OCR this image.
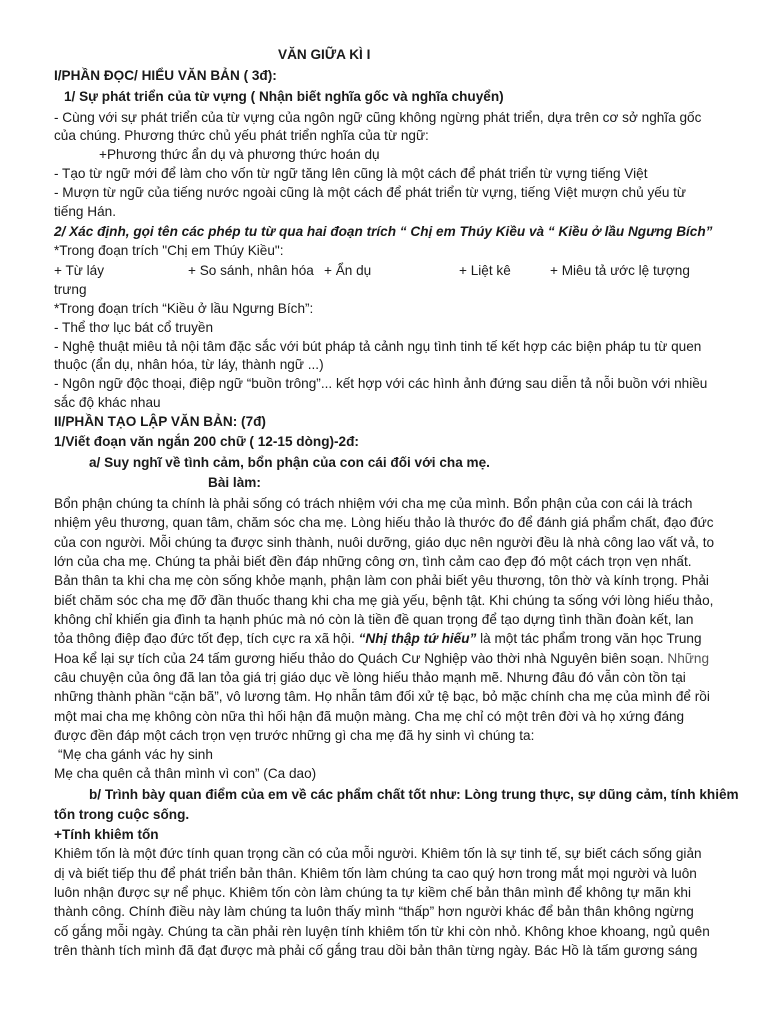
VĂN GIỮA KÌ I
I/PHẦN ĐỌC/ HIỂU VĂN BẢN ( 3đ):
1/ Sự phát triển của từ vựng ( Nhận biết nghĩa gốc và nghĩa chuyển)
- Cùng với sự phát triển của từ vựng của ngôn ngữ cũng không ngừng phát triển, dựa trên cơ sở nghĩa gốc
của chúng. Phương thức chủ yếu phát triển nghĩa của từ ngữ:
+Phương thức ẩn dụ và phương thức hoán dụ
- Tạo từ ngữ mới để làm cho vốn từ ngữ tăng lên cũng là một cách để phát triển từ vựng tiếng Việt
- Mượn từ ngữ của tiếng nước ngoài cũng là một cách để phát triển từ vựng, tiếng Việt mượn chủ yếu từ
tiếng Hán.
2/ Xác định, gọi tên các phép tu từ qua hai đoạn trích “ Chị em Thúy Kiều và “ Kiều ở lầu Ngưng Bích”
*Trong đoạn trích "Chị em Thúy Kiều":
+ Từ láy	+ So sánh, nhân hóa + Ẩn dụ	+ Liệt kê	+ Miêu tả ước lệ tượng
trưng
*Trong đoạn trích “Kiều ở lầu Ngưng Bích”:
- Thể thơ lục bát cổ truyền
- Nghệ thuật miêu tả nội tâm đặc sắc với bút pháp tả cảnh ngụ tình tinh tế kết hợp các biện pháp tu từ quen
thuộc (ẩn dụ, nhân hóa, từ láy, thành ngữ ...)
- Ngôn ngữ độc thoại, điệp ngữ “buồn trông”... kết hợp với các hình ảnh đứng sau diễn tả nỗi buồn với nhiều
sắc độ khác nhau
II/PHẦN TẠO LẬP VĂN BẢN: (7đ)
1/Viết đoạn văn ngắn 200 chữ ( 12-15 dòng)-2đ:
a/ Suy nghĩ về tình cảm, bổn phận của con cái đối với cha mẹ.
Bài làm:
Bổn phận chúng ta chính là phải sống có trách nhiệm với cha mẹ của mình. Bổn phận của con cái là trách
nhiệm yêu thương, quan tâm, chăm sóc cha mẹ. Lòng hiếu thảo là thước đo để đánh giá phẩm chất, đạo đức
của con người. Mỗi chúng ta được sinh thành, nuôi dưỡng, giáo dục nên người đều là nhà công lao vất vả, to
lớn của cha mẹ. Chúng ta phải biết đền đáp những công ơn, tình cảm cao đẹp đó một cách trọn vẹn nhất.
Bản thân ta khi cha mẹ còn sống khỏe mạnh, phận làm con phải biết yêu thương, tôn thờ và kính trọng. Phải
biết chăm sóc cha mẹ đỡ đần thuốc thang khi cha mẹ già yếu, bệnh tật. Khi chúng ta sống với lòng hiếu thảo,
không chỉ khiến gia đình ta hạnh phúc mà nó còn là tiền đề quan trọng để tạo dựng tình thần đoàn kết, lan
tỏa thông điệp đạo đức tốt đẹp, tích cực ra xã hội. “Nhị thập tứ hiếu” là một tác phẩm trong văn học Trung
Hoa kể lại sự tích của 24 tấm gương hiếu thảo do Quách Cư Nghiệp vào thời nhà Nguyên biên soạn. Những
câu chuyện của ông đã lan tỏa giá trị giáo dục về lòng hiếu thảo mạnh mẽ. Nhưng đâu đó vẫn còn tồn tại
những thành phần “cặn bã”, vô lương tâm. Họ nhẫn tâm đối xử tệ bạc, bỏ mặc chính cha mẹ của mình để rồi
một mai cha mẹ không còn nữa thì hối hận đã muộn màng. Cha mẹ chỉ có một trên đời và họ xứng đáng
được đền đáp một cách trọn vẹn trước những gì cha mẹ đã hy sinh vì chúng ta:
“Mẹ cha gánh vác hy sinh
Mẹ cha quên cả thân mình vì con” (Ca dao)
b/ Trình bày quan điểm của em về các phẩm chất tốt như: Lòng trung thực, sự dũng cảm, tính khiêm
tốn trong cuộc sống.
+Tính khiêm tốn
Khiêm tốn là một đức tính quan trọng cần có của mỗi người. Khiêm tốn là sự tinh tế, sự biết cách sống giản
dị và biết tiếp thu để phát triển bản thân. Khiêm tốn làm chúng ta cao quý hơn trong mắt mọi người và luôn
luôn nhận được sự nể phục. Khiêm tốn còn làm chúng ta tự kiềm chế bản thân mình để không tự mãn khi
thành công. Chính điều này làm chúng ta luôn thấy mình “thấp” hơn người khác để bản thân không ngừng
cố gắng mỗi ngày. Chúng ta cần phải rèn luyện tính khiêm tốn từ khi còn nhỏ. Không khoe khoang, ngủ quên
trên thành tích mình đã đạt được mà phải cố gắng trau dồi bản thân từng ngày. Bác Hồ là tấm gương sáng
